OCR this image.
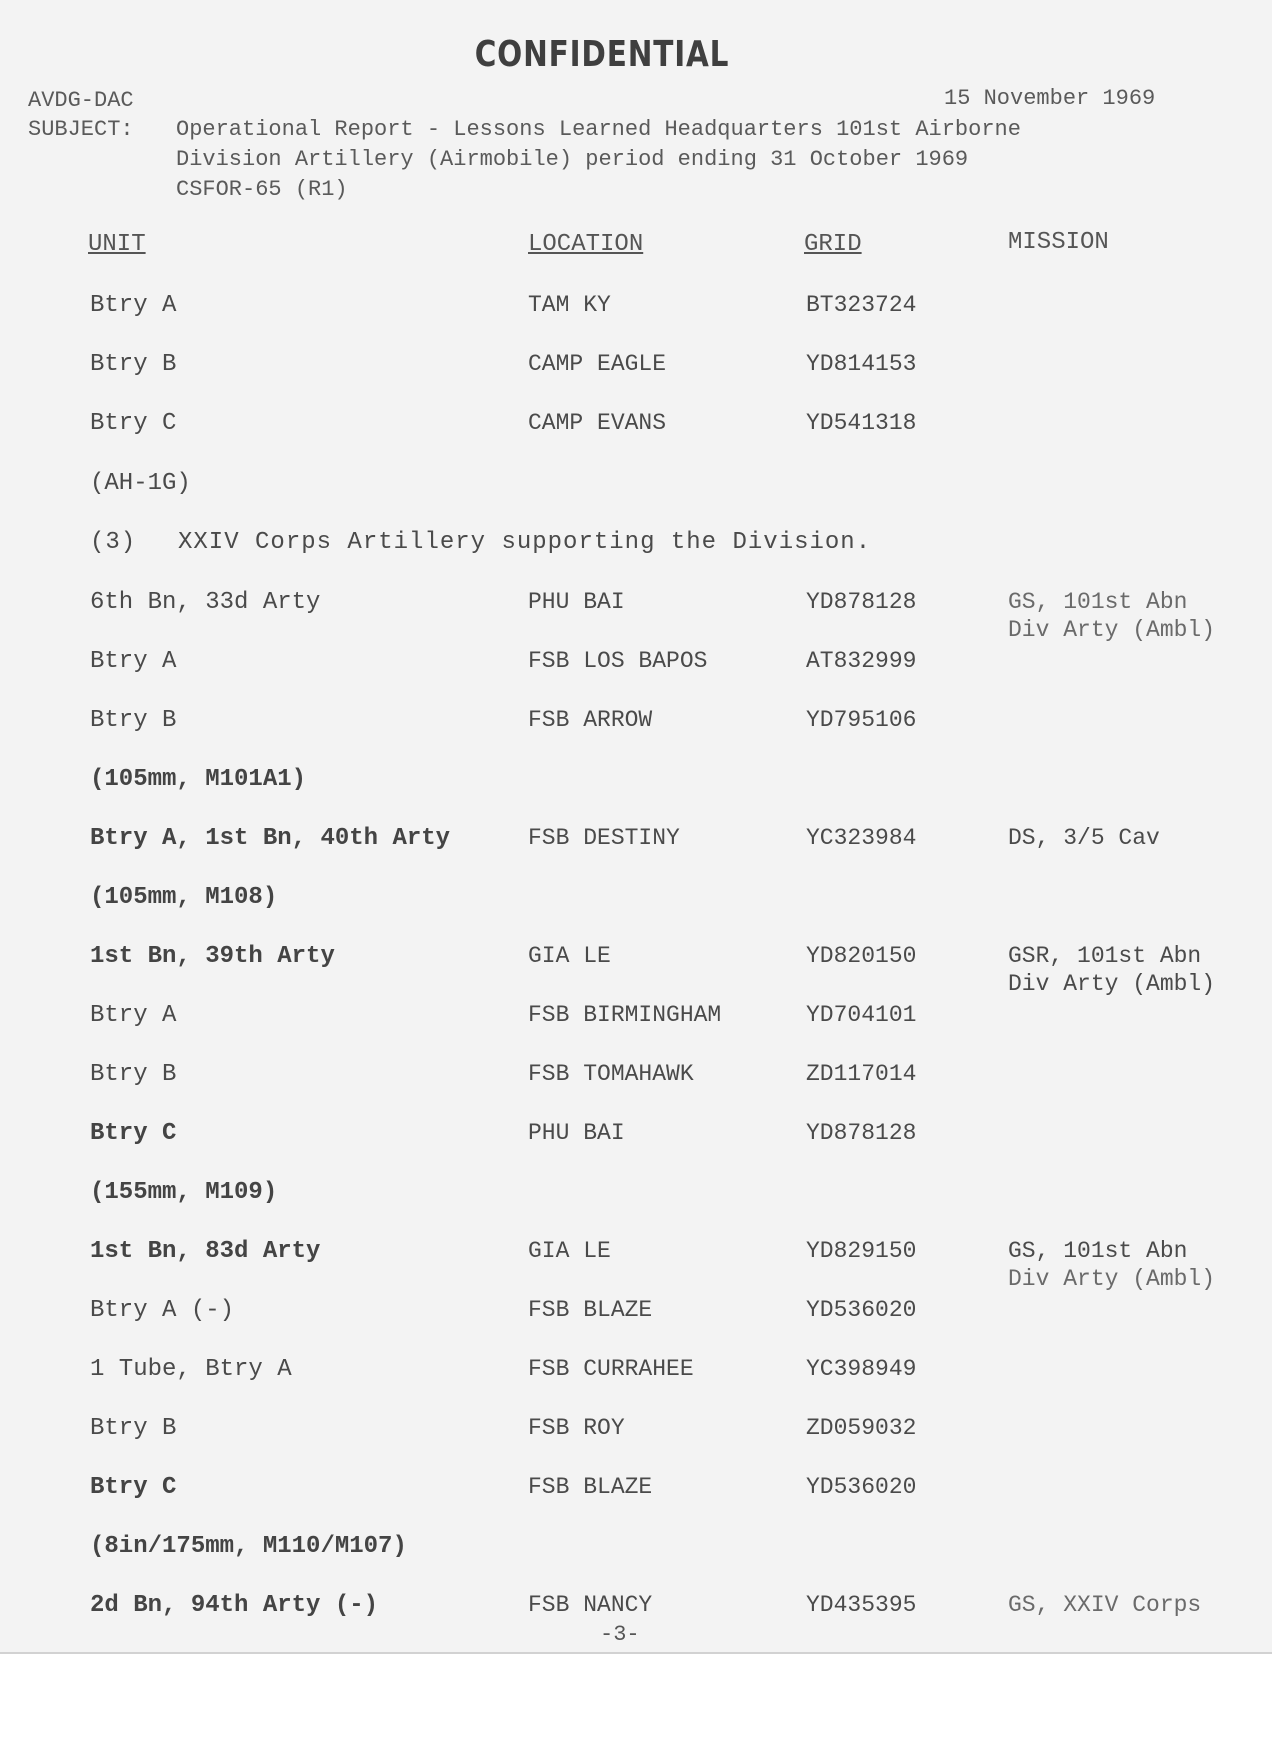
CONFIDENTIAL
AVDG-DAC	15 November 1969
SUBJECT: Operational Report - Lessons Learned Headquarters 101st Airborne
Division Artillery (Airmobile) period ending 31 October 1969
CSFOR-65 (R1)
UNIT	LOCATION	GRID	MISSION
Btry A	TAM KY	BT323724
Btry B	CAMP EAGLE	YD814153
Btry C	CAMP EVANS	YD541318
(AH-1G)
(3) XXIV Corps Artillery supporting the Division.
6th Bn, 33d Arty	PHU BAI	YD878128	GS, 101st Abn
Div Arty (Ambl)
Btry A	FSB LOS BAPOS	AT832999
Btry B	FSB ARROW	YD795106
(105mm, M101A1)
Btry A, 1st Bn, 40th Arty	FSB DESTINY	YC323984	DS, 3/5 Cav
(105mm, M108)
1st Bn, 39th Arty	GIA LE	YD820150	GSR, 101st Abn
Div Arty (Ambl)
Btry A	FSB BIRMINGHAM	YD704101
Btry B	FSB TOMAHAWK	ZD117014
Btry C	PHU BAI	YD878128
(155mm, M109)
1st Bn, 83d Arty	GIA LE	YD829150	GS, 101st Abn
Div Arty (Ambl)
Btry A (-)	FSB BLAZE	YD536020
1 Tube, Btry A	FSB CURRAHEE	YC398949
Btry B	FSB ROY	ZD059032
Btry C	FSB BLAZE	YD536020
(8in/175mm, M110/M107)
2d Bn, 94th Arty (-)	FSB NANCY	YD435395	GS, XXIV Corps
-3-
